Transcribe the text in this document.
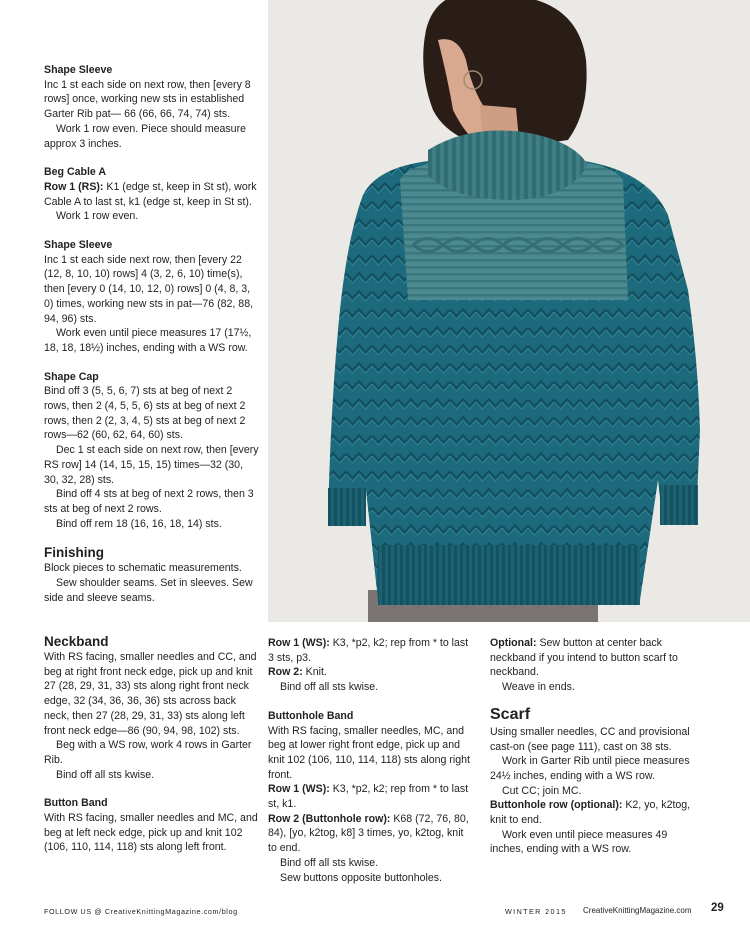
Shape Sleeve

Inc 1 st each side on next row, then [every 8 rows] once, working new sts in established Garter Rib pat— 66 (66, 66, 74, 74) sts.

Work 1 row even. Piece should measure approx 3 inches.

Beg Cable A

Row 1 (RS): K1 (edge st, keep in St st), work Cable A to last st, k1 (edge st, keep in St st).

Work 1 row even.

Shape Sleeve

Inc 1 st each side next row, then [every 22 (12, 8, 10, 10) rows] 4 (3, 2, 6, 10) time(s), then [every 0 (14, 10, 12, 0) rows] 0 (4, 8, 3, 0) times, working new sts in pat—76 (82, 88, 94, 96) sts.

Work even until piece measures 17 (17½, 18, 18, 18½) inches, ending with a WS row.

Shape Cap

Bind off 3 (5, 5, 6, 7) sts at beg of next 2 rows, then 2 (4, 5, 5, 6) sts at beg of next 2 rows, then 2 (2, 3, 4, 5) sts at beg of next 2 rows—62 (60, 62, 64, 60) sts.

Dec 1 st each side on next row, then [every RS row] 14 (14, 15, 15, 15) times—32 (30, 30, 32, 28) sts.

Bind off 4 sts at beg of next 2 rows, then 3 sts at beg of next 2 rows.

Bind off rem 18 (16, 16, 18, 14) sts.

Finishing

Block pieces to schematic measurements.

Sew shoulder seams. Set in sleeves. Sew side and sleeve seams.

Neckband

With RS facing, smaller needles and CC, and beg at right front neck edge, pick up and knit 27 (28, 29, 31, 33) sts along right front neck edge, 32 (34, 36, 36, 36) sts across back neck, then 27 (28, 29, 31, 33) sts along left front neck edge—86 (90, 94, 98, 102) sts.

Beg with a WS row, work 4 rows in Garter Rib.

Bind off all sts kwise.

Button Band

With RS facing, smaller needles and MC, and beg at left neck edge, pick up and knit 102 (106, 110, 114, 118) sts along left front.

Row 1 (WS): K3, *p2, k2; rep from * to last 3 sts, p3.

Row 2: Knit.

Bind off all sts kwise.

Buttonhole Band

With RS facing, smaller needles, MC, and beg at lower right front edge, pick up and knit 102 (106, 110, 114, 118) sts along right front.

Row 1 (WS): K3, *p2, k2; rep from * to last st, k1.

Row 2 (Buttonhole row): K68 (72, 76, 80, 84), [yo, k2tog, k8] 3 times, yo, k2tog, knit to end.

Bind off all sts kwise.

Sew buttons opposite buttonholes.

Optional: Sew button at center back neckband if you intend to button scarf to neckband.

Weave in ends.

Scarf

Using smaller needles, CC and provisional cast-on (see page 111), cast on 38 sts.

Work in Garter Rib until piece measures 24½ inches, ending with a WS row.

Cut CC; join MC.

Buttonhole row (optional): K2, yo, k2tog, knit to end.

Work even until piece measures 49 inches, ending with a WS row.

FOLLOW US @ CreativeKnittingMagazine.com/blog	WINTER 2015 CreativeKnittingMagazine.com 29
